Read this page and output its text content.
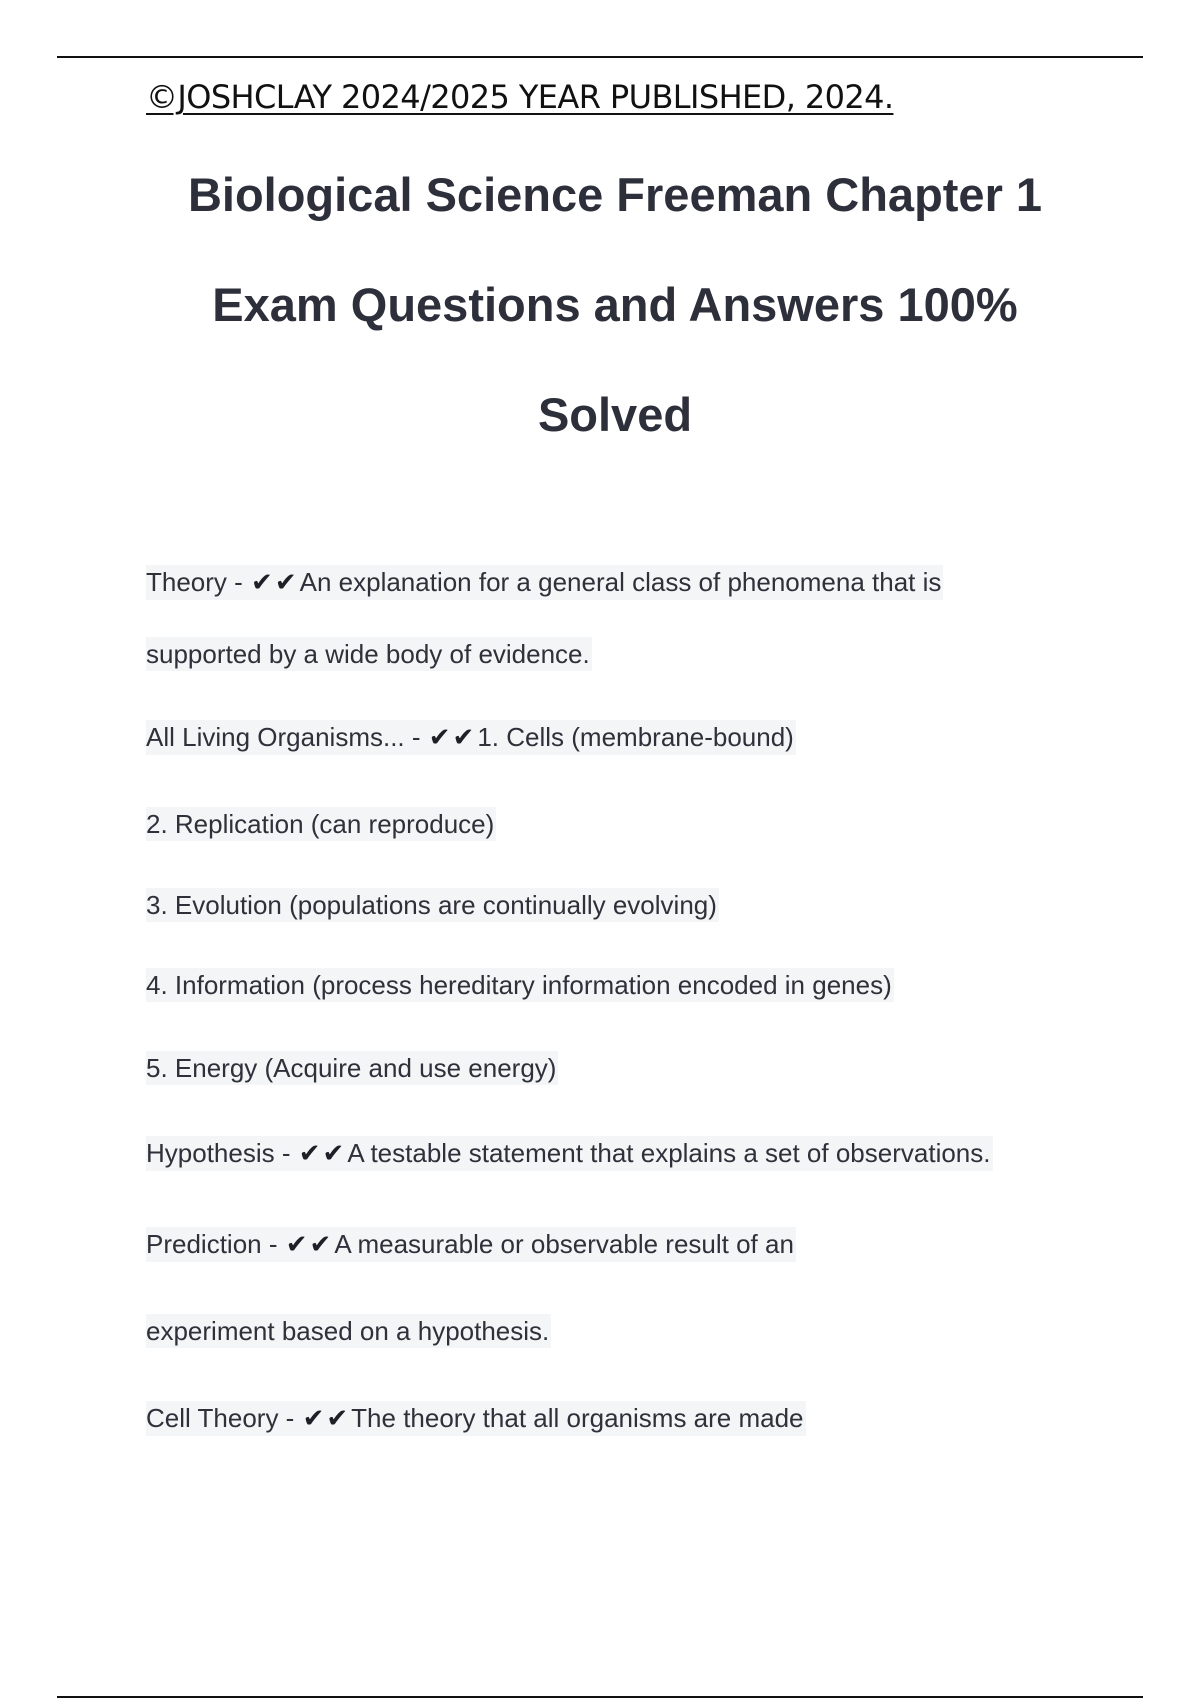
©JOSHCLAY 2024/2025 YEAR PUBLISHED, 2024.

Biological Science Freeman Chapter 1
Exam Questions and Answers 100%
Solved

Theory - ✔✔ An explanation for a general class of phenomena that is

supported by a wide body of evidence.

All Living Organisms... - ✔✔ 1. Cells (membrane-bound)

2. Replication (can reproduce)

3. Evolution (populations are continually evolving)

4. Information (process hereditary information encoded in genes)

5. Energy (Acquire and use energy)

Hypothesis - ✔✔ A testable statement that explains a set of observations.

Prediction - ✔✔ A measurable or observable result of an

experiment based on a hypothesis.

Cell Theory - ✔✔ The theory that all organisms are made
